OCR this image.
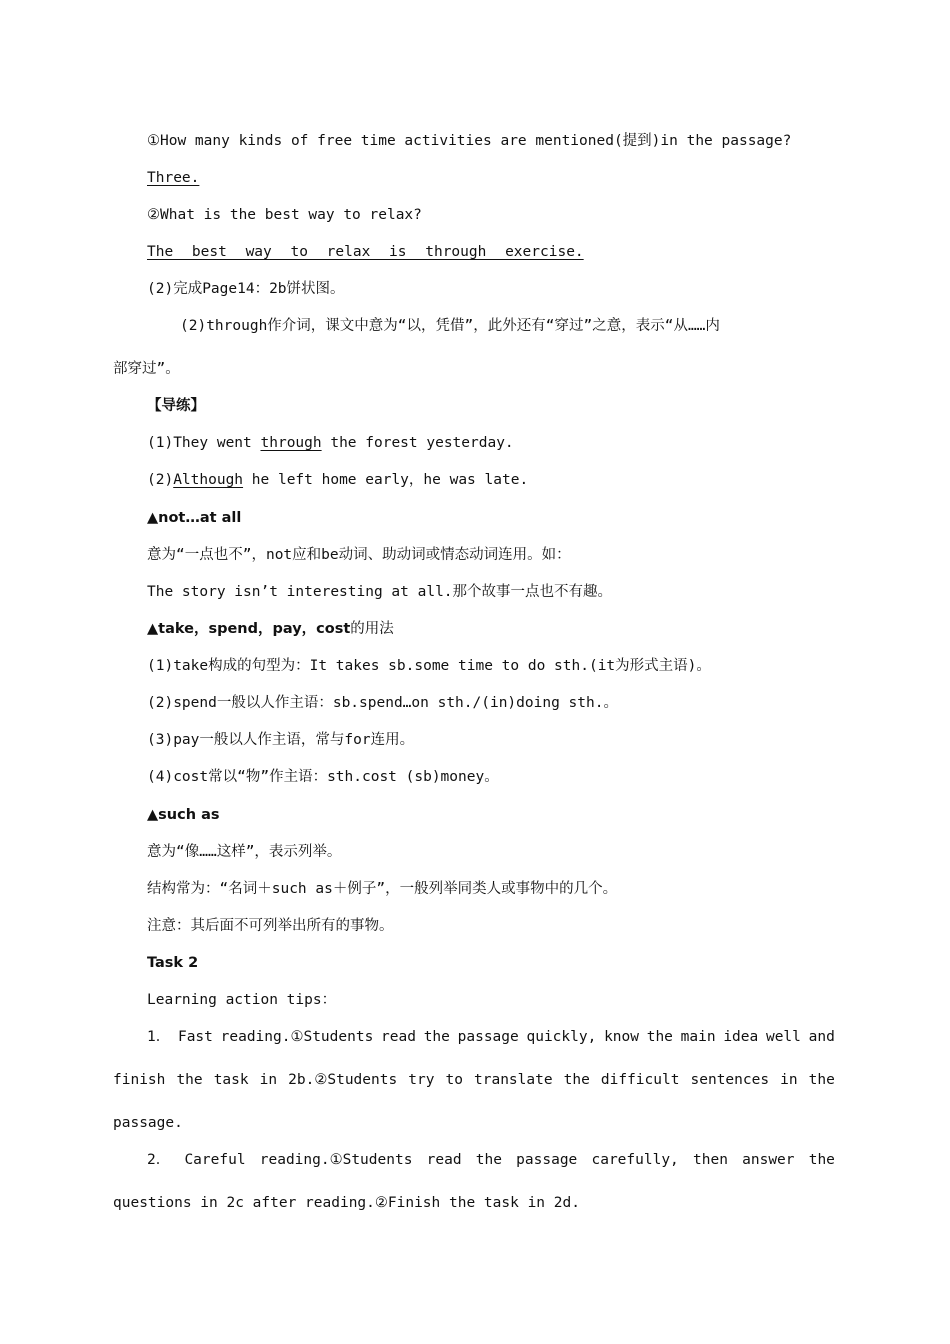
①How many kinds of free time activities are mentioned(提到)in the passage?
Three.
②What is the best way to relax?
The best way to relax is through exercise.
(2)完成Page14：2b饼状图。
(2)through作介词，课文中意为“以，凭借”，此外还有“穿过”之意，表示“从……内
部穿过”。
【导练】
(1)They went through the forest yesterday.
(2)Although he left home early，he was late.
▲not…at all
意为“一点也不”，not应和be动词、助动词或情态动词连用。如：
The story isn’t interesting at all.那个故事一点也不有趣。
▲take，spend，pay，cost的用法
(1)take构成的句型为：It takes sb.some time to do sth.(it为形式主语)。
(2)spend一般以人作主语：sb.spend…on sth./(in)doing sth.。
(3)pay一般以人作主语，常与for连用。
(4)cost常以“物”作主语：sth.cost (sb)money。
▲such as
意为“像……这样”，表示列举。
结构常为：“名词＋such as＋例子”，一般列举同类人或事物中的几个。
注意：其后面不可列举出所有的事物。
Task 2
Learning action tips：
1． Fast reading.①Students read the passage quickly, know the main idea well and
finish the task in 2b.②Students try to translate the difficult sentences in the
passage.
2． Careful reading.①Students read the passage carefully, then answer the
questions in 2c after reading.②Finish the task in 2d.
